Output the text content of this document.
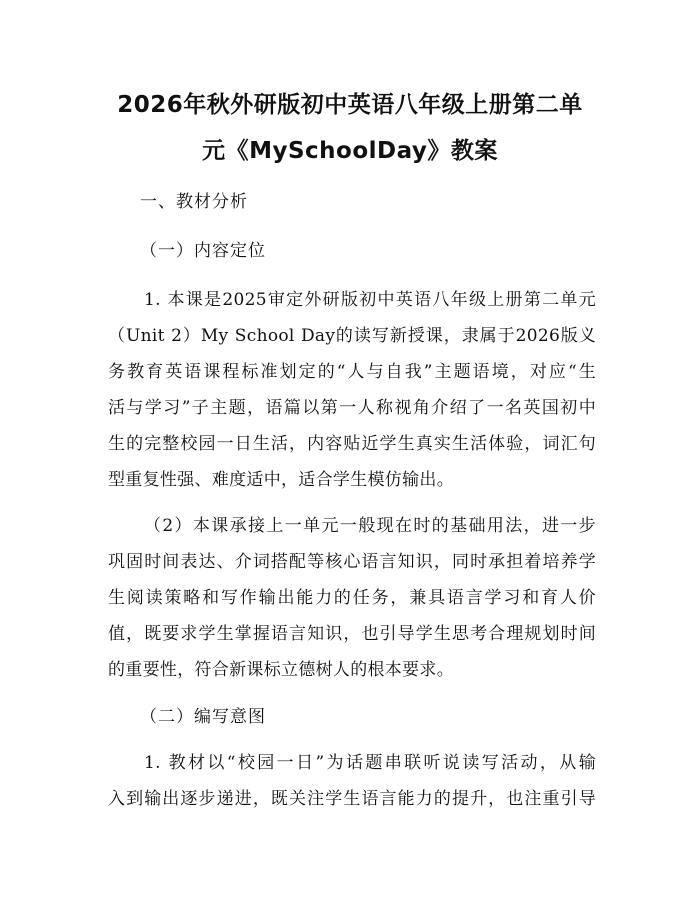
2026年秋外研版初中英语八年级上册第二单
元《MySchoolDay》教案
一、教材分析
（一）内容定位
1. 本课是2025审定外研版初中英语八年级上册第二单元
（Unit 2）My School Day的读写新授课，隶属于2026版义
务教育英语课程标准划定的“人与自我”主题语境，对应“生
活与学习”子主题，语篇以第一人称视角介绍了一名英国初中
生的完整校园一日生活，内容贴近学生真实生活体验，词汇句
型重复性强、难度适中，适合学生模仿输出。
（2）本课承接上一单元一般现在时的基础用法，进一步
巩固时间表达、介词搭配等核心语言知识，同时承担着培养学
生阅读策略和写作输出能力的任务，兼具语言学习和育人价
值，既要求学生掌握语言知识，也引导学生思考合理规划时间
的重要性，符合新课标立德树人的根本要求。
（二）编写意图
1. 教材以“校园一日”为话题串联听说读写活动，从输
入到输出逐步递进，既关注学生语言能力的提升，也注重引导
